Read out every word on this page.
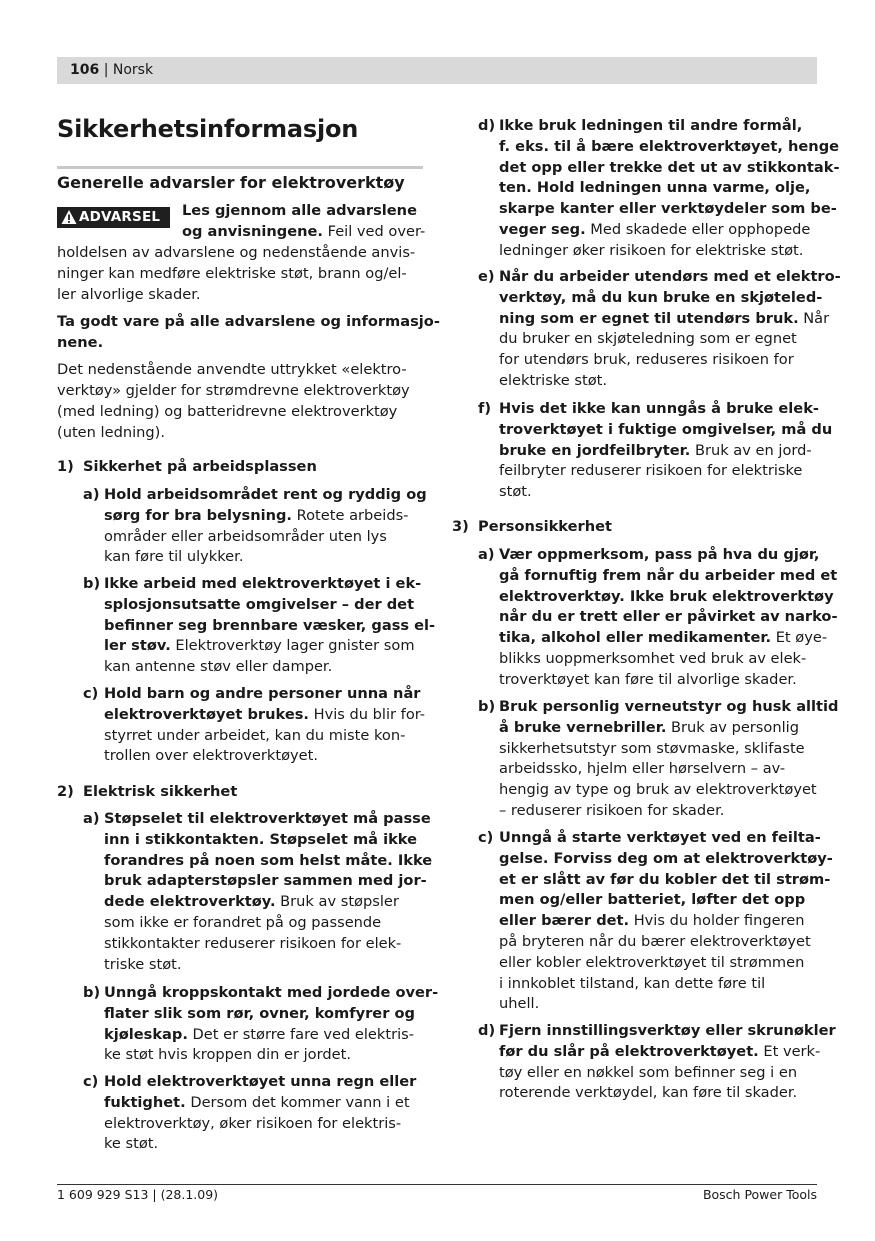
106 | Norsk
Sikkerhetsinformasjon
Generelle advarsler for elektroverktøy
ADVARSEL	Les gjennom alle advarslene
og anvisningene. Feil ved over-
holdelsen av advarslene og nedenstående anvis-
ninger kan medføre elektriske støt, brann og/el-
ler alvorlige skader.
Ta godt vare på alle advarslene og informasjo-
nene.
Det nedenstående anvendte uttrykket «elektro-
verktøy» gjelder for strømdrevne elektroverktøy
(med ledning) og batteridrevne elektroverktøy
(uten ledning).
1) Sikkerhet på arbeidsplassen
a) Hold arbeidsområdet rent og ryddig og
sørg for bra belysning. Rotete arbeids-
områder eller arbeidsområder uten lys
kan føre til ulykker.
b) Ikke arbeid med elektroverktøyet i ek-
splosjonsutsatte omgivelser – der det
befinner seg brennbare væsker, gass el-
ler støv. Elektroverktøy lager gnister som
kan antenne støv eller damper.
c) Hold barn og andre personer unna når
elektroverktøyet brukes. Hvis du blir for-
styrret under arbeidet, kan du miste kon-
trollen over elektroverktøyet.
2) Elektrisk sikkerhet
a) Støpselet til elektroverktøyet må passe
inn i stikkontakten. Støpselet må ikke
forandres på noen som helst måte. Ikke
bruk adapterstøpsler sammen med jor-
dede elektroverktøy. Bruk av støpsler
som ikke er forandret på og passende
stikkontakter reduserer risikoen for elek-
triske støt.
b) Unngå kroppskontakt med jordede over-
flater slik som rør, ovner, komfyrer og
kjøleskap. Det er større fare ved elektris-
ke støt hvis kroppen din er jordet.
c) Hold elektroverktøyet unna regn eller
fuktighet. Dersom det kommer vann i et
elektroverktøy, øker risikoen for elektris-
ke støt.
d) Ikke bruk ledningen til andre formål,
f. eks. til å bære elektroverktøyet, henge
det opp eller trekke det ut av stikkontak-
ten. Hold ledningen unna varme, olje,
skarpe kanter eller verktøydeler som be-
veger seg. Med skadede eller opphopede
ledninger øker risikoen for elektriske støt.
e) Når du arbeider utendørs med et elektro-
verktøy, må du kun bruke en skjøteled-
ning som er egnet til utendørs bruk. Når
du bruker en skjøteledning som er egnet
for utendørs bruk, reduseres risikoen for
elektriske støt.
f) Hvis det ikke kan unngås å bruke elek-
troverktøyet i fuktige omgivelser, må du
bruke en jordfeilbryter. Bruk av en jord-
feilbryter reduserer risikoen for elektriske
støt.
3) Personsikkerhet
a) Vær oppmerksom, pass på hva du gjør,
gå fornuftig frem når du arbeider med et
elektroverktøy. Ikke bruk elektroverktøy
når du er trett eller er påvirket av narko-
tika, alkohol eller medikamenter. Et øye-
blikks uoppmerksomhet ved bruk av elek-
troverktøyet kan føre til alvorlige skader.
b) Bruk personlig verneutstyr og husk alltid
å bruke vernebriller. Bruk av personlig
sikkerhetsutstyr som støvmaske, sklifaste
arbeidssko, hjelm eller hørselvern – av-
hengig av type og bruk av elektroverktøyet
– reduserer risikoen for skader.
c) Unngå å starte verktøyet ved en feilta-
gelse. Forviss deg om at elektroverktøy-
et er slått av før du kobler det til strøm-
men og/eller batteriet, løfter det opp
eller bærer det. Hvis du holder fingeren
på bryteren når du bærer elektroverktøyet
eller kobler elektroverktøyet til strømmen
i innkoblet tilstand, kan dette føre til
uhell.
d) Fjern innstillingsverktøy eller skrunøkler
før du slår på elektroverktøyet. Et verk-
tøy eller en nøkkel som befinner seg i en
roterende verktøydel, kan føre til skader.
1 609 929 S13 | (28.1.09)	Bosch Power Tools
